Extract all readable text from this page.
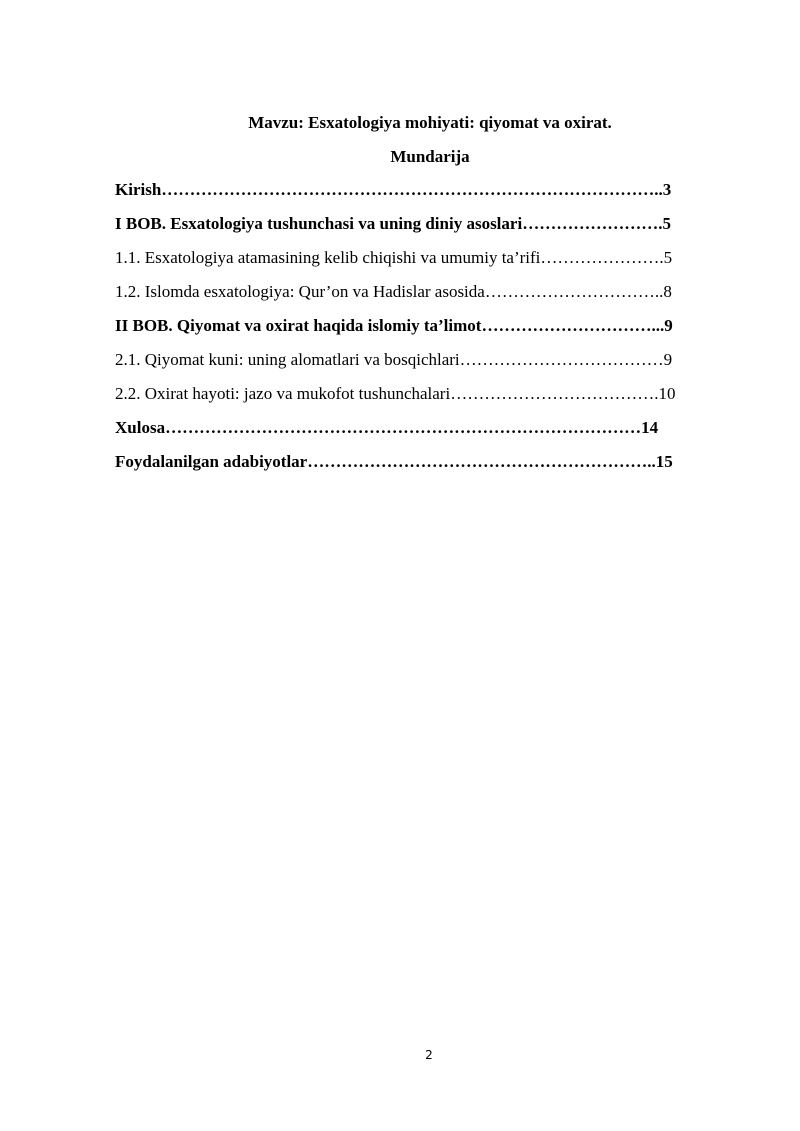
Mavzu: Esxatologiya mohiyati: qiyomat va oxirat.
Mundarija
Kirish……………………………………………………………………………..3
I BOB. Esxatologiya tushunchasi va uning diniy asoslari…………………….5
1.1. Esxatologiya atamasining kelib chiqishi va umumiy ta’rifi………………….5
1.2. Islomda esxatologiya: Qur’on va Hadislar asosida…………………………..8
II BOB. Qiyomat va oxirat haqida islomiy ta’limot…………………………...9
2.1. Qiyomat kuni: uning alomatlari va bosqichlari………………………………9
2.2. Oxirat hayoti: jazo va mukofot tushunchalari……………………………….10
Xulosa…………………………………………………………………………14
Foydalanilgan adabiyotlar……………………………………………………..15
2
